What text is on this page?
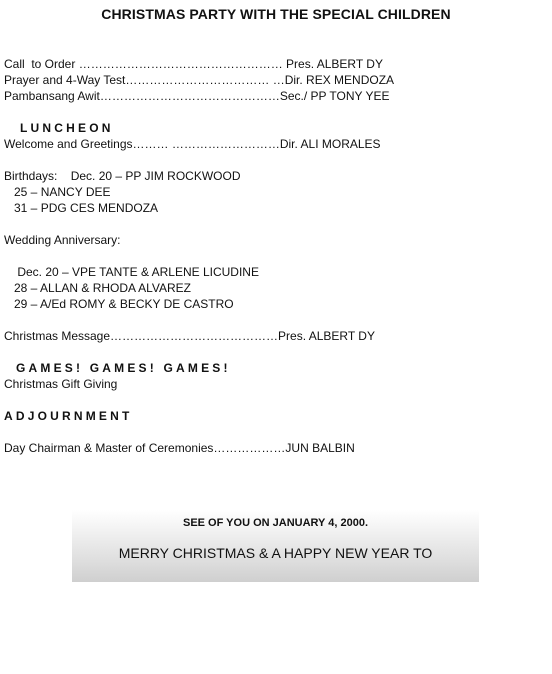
CHRISTMAS PARTY WITH THE SPECIAL CHILDREN
Call  to Order …………………………………………… Pres. ALBERT DY
Prayer and 4-Way Test……………………………… …Dir. REX MENDOZA
Pambansang Awit………………………………………Sec./ PP TONY YEE
LUNCHEON
Welcome and Greetings……… ………………………Dir. ALI MORALES
Birthdays:    Dec. 20 – PP JIM ROCKWOOD
25 – NANCY DEE
31 – PDG CES MENDOZA
Wedding Anniversary:
Dec. 20 – VPE TANTE & ARLENE LICUDINE
28 – ALLAN & RHODA ALVAREZ
29 – A/Ed ROMY & BECKY DE CASTRO
Christmas Message……………………………………Pres. ALBERT DY
GAMES! GAMES! GAMES!
Christmas Gift Giving
ADJOURNMENT
Day Chairman & Master of Ceremonies………………JUN BALBIN
SEE OF YOU ON JANUARY 4, 2000.
MERRY CHRISTMAS & A HAPPY NEW YEAR TO
